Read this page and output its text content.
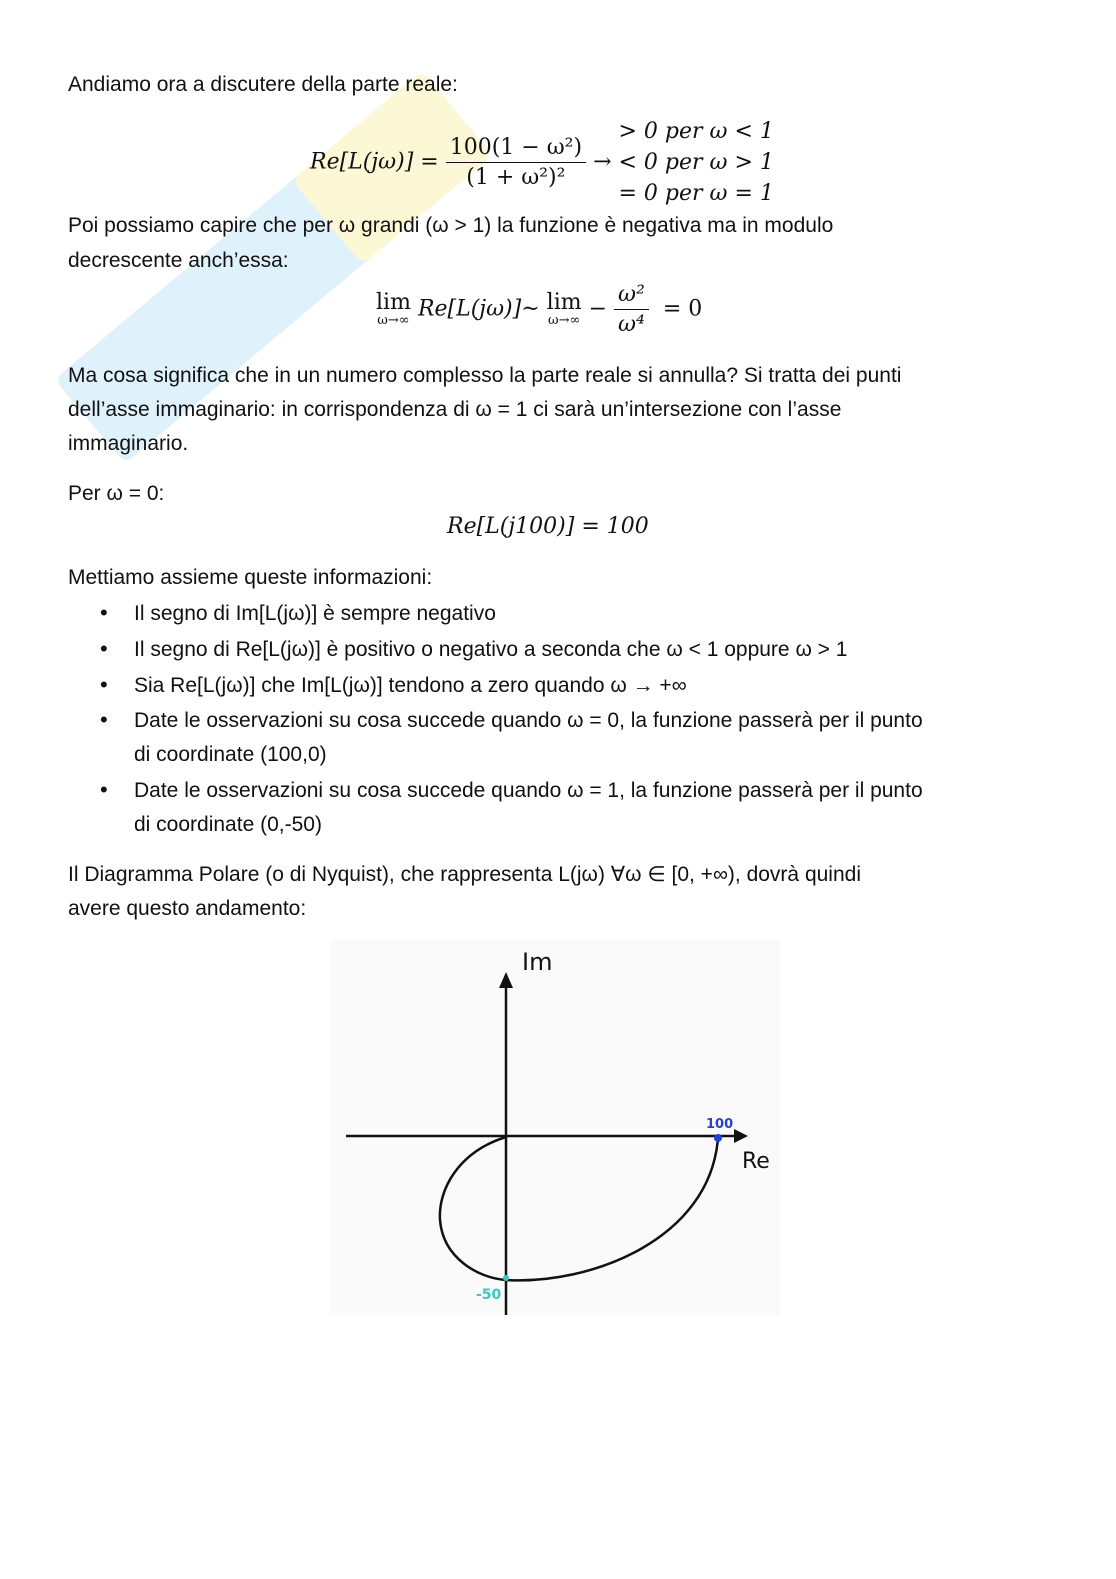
Andiamo ora a discutere della parte reale:
$Re[L(j\omega)] = \frac{\text{100(1 − ω²)}}{\text{(1 + ω²)²}}$ →
> 0 per ω < 1
< 0 per ω > 1
= 0 per ω = 1
Poi possiamo capire che per ω grandi (ω > 1) la funzione è negativa ma in modulo
decrescente anch’essa:
lim
ω→∞ Re[L(jω)]~ lim
$\omega\to\infty - \frac{\text{ω²}}{\text{ω⁴}} = 0$
Ma cosa significa che in un numero complesso la parte reale si annulla? Si tratta dei punti
dell’asse immaginario: in corrispondenza di ω = 1 ci sarà un’intersezione con l’asse
immaginario.
Per ω = 0:
Re[L(j100)] = 100
Mettiamo assieme queste informazioni:
• Il segno di Im[L(jω)] è sempre negativo
• Il segno di Re[L(jω)] è positivo o negativo a seconda che ω < 1 oppure ω > 1
• Sia Re[L(jω)] che Im[L(jω)] tendono a zero quando ω → +∞
• Date le osservazioni su cosa succede quando ω = 0, la funzione passerà per il punto
di coordinate (100,0)
• Date le osservazioni su cosa succede quando ω = 1, la funzione passerà per il punto
di coordinate (0,-50)
Il Diagramma Polare (o di Nyquist), che rappresenta L(jω) ∀ω ∈ [0, +∞), dovrà quindi
avere questo andamento:
Im
Re
100
-50
